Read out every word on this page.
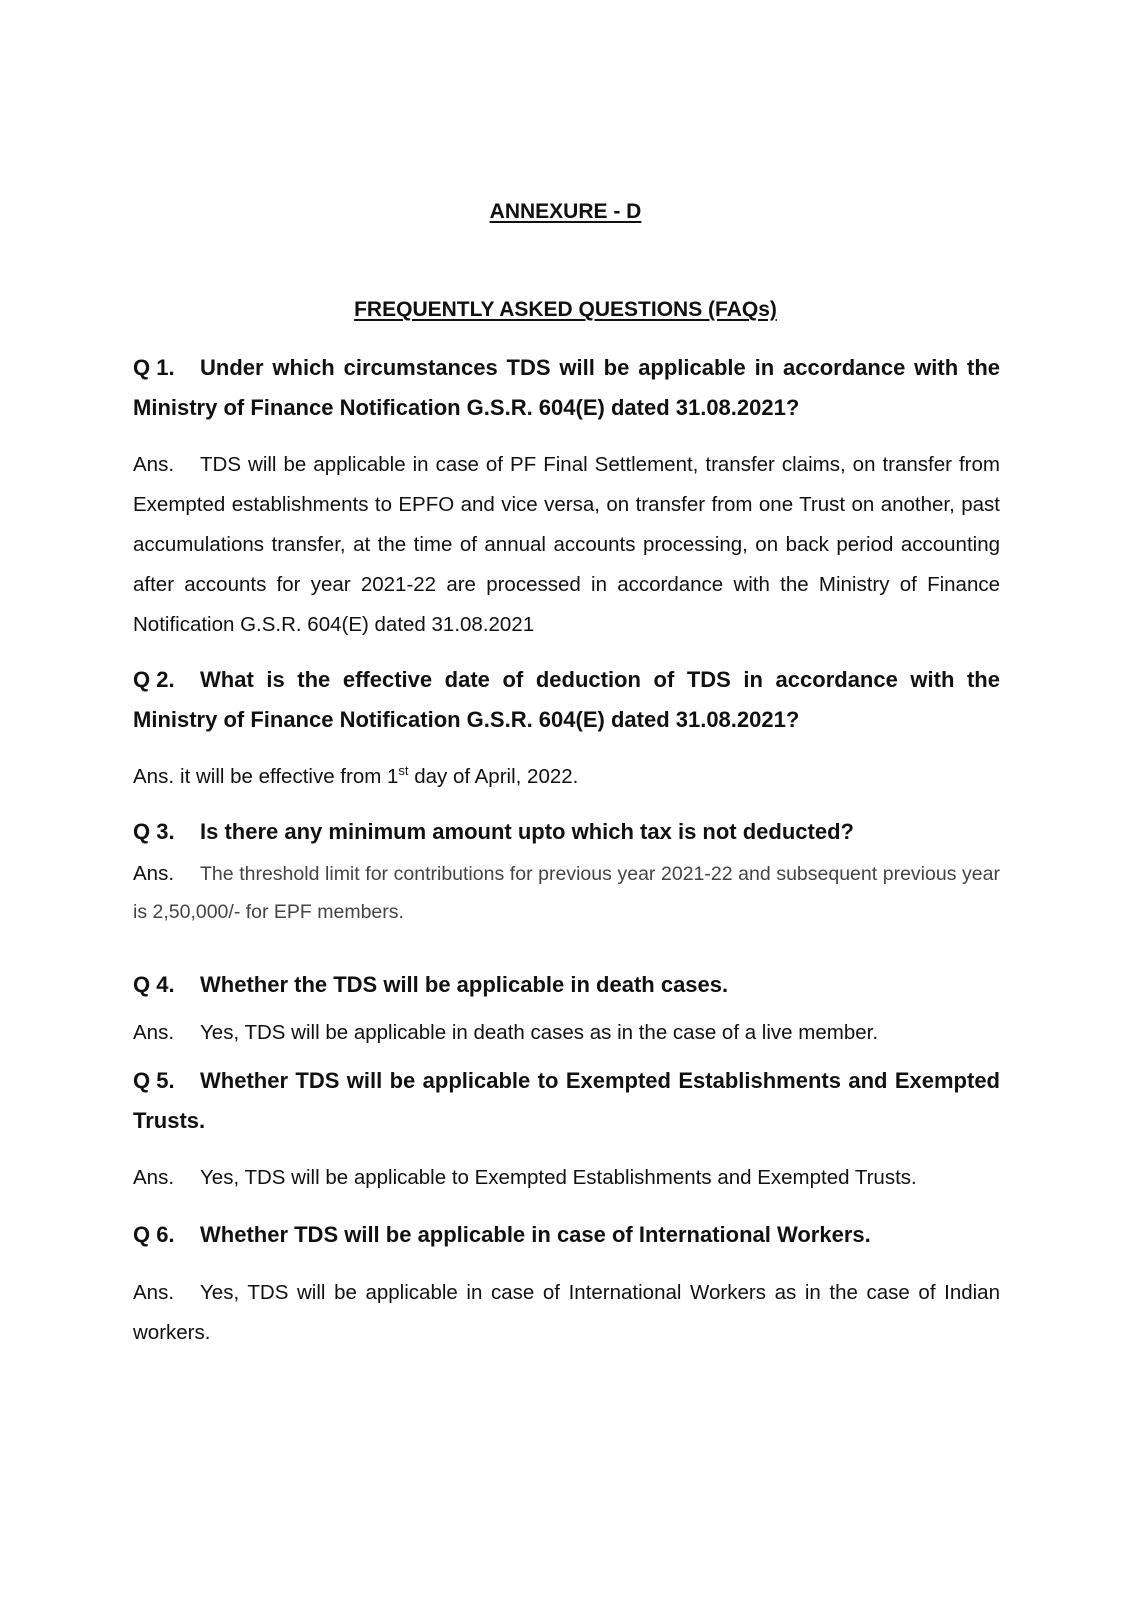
ANNEXURE - D
FREQUENTLY ASKED QUESTIONS (FAQs)
Q 1. Under which circumstances TDS will be applicable in accordance with the Ministry of Finance Notification G.S.R. 604(E) dated 31.08.2021?
Ans. TDS will be applicable in case of PF Final Settlement, transfer claims, on transfer from Exempted establishments to EPFO and vice versa, on transfer from one Trust on another, past accumulations transfer, at the time of annual accounts processing, on back period accounting after accounts for year 2021-22 are processed in accordance with the Ministry of Finance Notification G.S.R. 604(E) dated 31.08.2021
Q 2. What is the effective date of deduction of TDS in accordance with the Ministry of Finance Notification G.S.R. 604(E) dated 31.08.2021?
Ans. it will be effective from 1st day of April, 2022.
Q 3. Is there any minimum amount upto which tax is not deducted?
Ans. The threshold limit for contributions for previous year 2021-22 and subsequent previous year is 2,50,000/- for EPF members.
Q 4. Whether the TDS will be applicable in death cases.
Ans. Yes, TDS will be applicable in death cases as in the case of a live member.
Q 5. Whether TDS will be applicable to Exempted Establishments and Exempted Trusts.
Ans. Yes, TDS will be applicable to Exempted Establishments and Exempted Trusts.
Q 6. Whether TDS will be applicable in case of International Workers.
Ans. Yes, TDS will be applicable in case of International Workers as in the case of Indian workers.
